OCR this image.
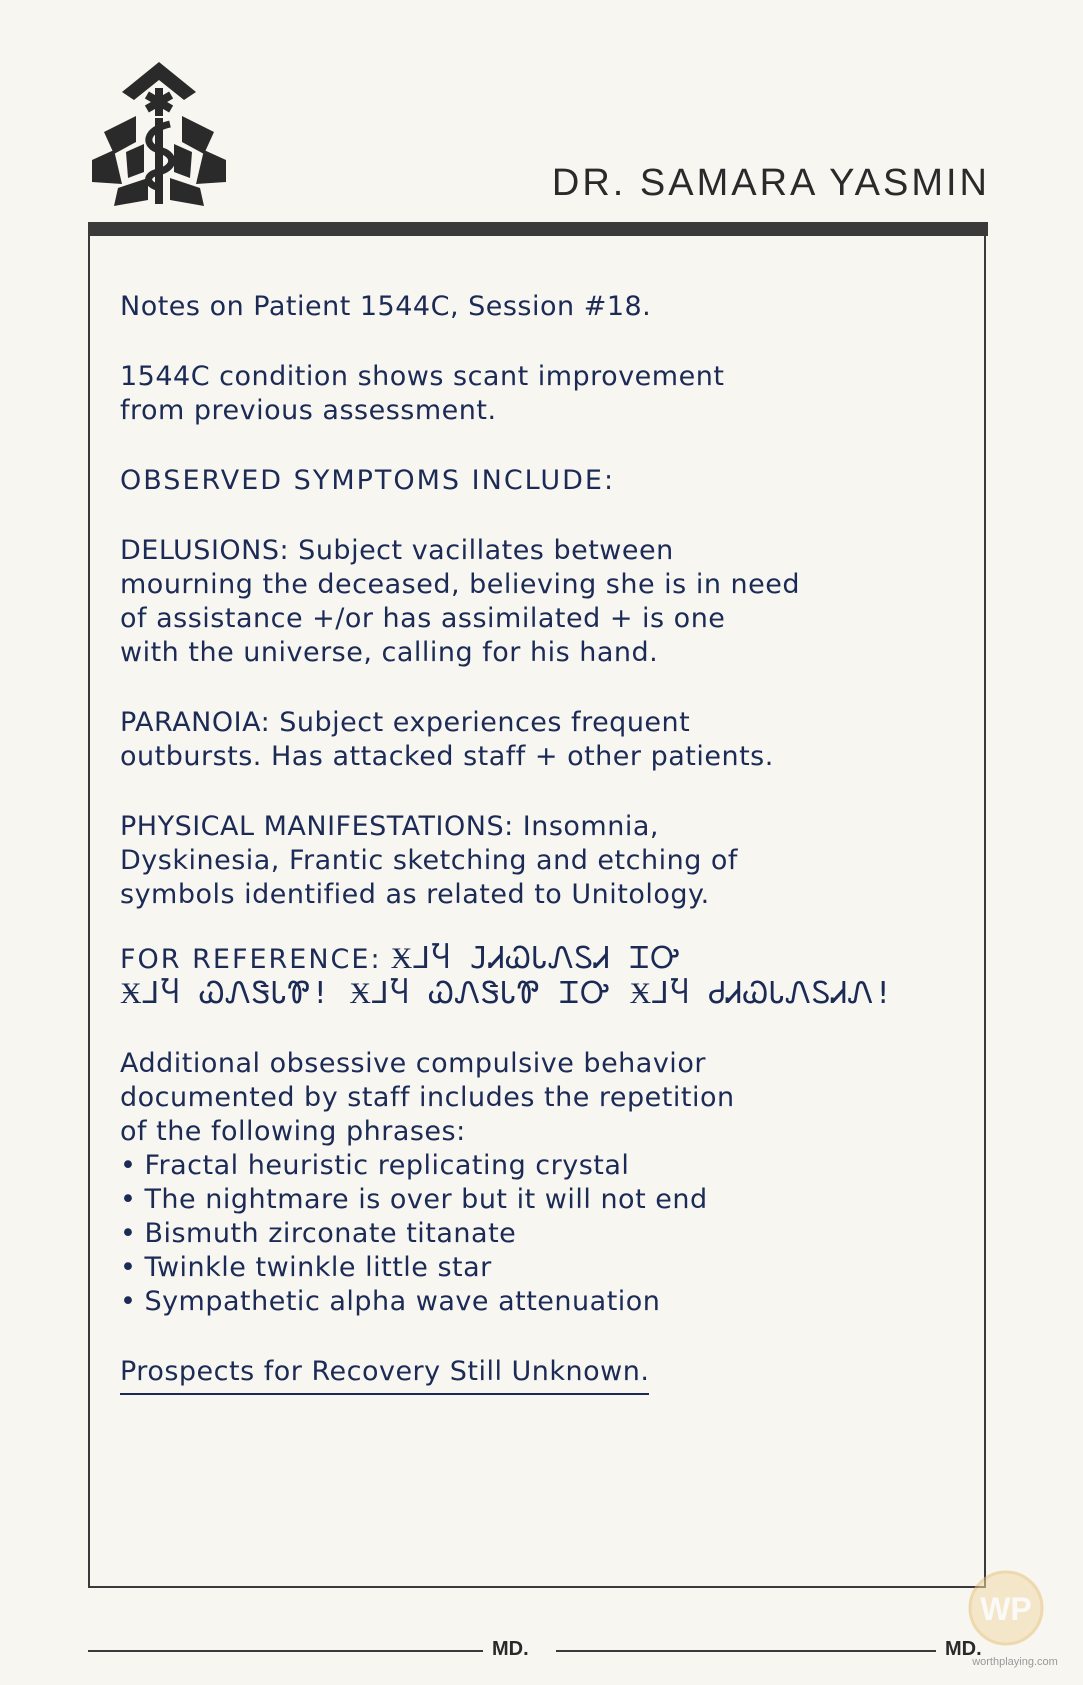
DR. SAMARA YASMIN
Notes on Patient 1544C, Session #18.
1544C condition shows scant improvement
from previous assessment.
OBSERVED SYMPTOMS INCLUDE:
DELUSIONS: Subject vacillates between
mourning the deceased, believing she is in need
of assistance +/or has assimilated + is one
with the universe, calling for his hand.
PARANOIA: Subject experiences frequent
outbursts. Has attacked staff + other patients.
PHYSICAL MANIFESTATIONS: Insomnia,
Dyskinesia, Frantic sketching and etching of
symbols identified as related to Unitology.
FOR REFERENCE: Ӿ⅃Ⴏ ЈᏗᏇᏓᏁᏚᏗ ᏆᎤ
Ӿ⅃Ⴏ ᏇᏁᏕᏓᏈ! Ӿ⅃Ⴏ ᏇᏁᏕᏓᏈ ᏆᎤ Ӿ⅃Ⴏ ᏧᏗᏇᏓᏁᏚᏗᏁ!
Additional obsessive compulsive behavior
documented by staff includes the repetition
of the following phrases:
• Fractal heuristic replicating crystal
• The nightmare is over but it will not end
• Bismuth zirconate titanate
• Twinkle twinkle little star
• Sympathetic alpha wave attenuation
Prospects for Recovery Still Unknown.
MD.	MD.
WP
worthplaying.com
